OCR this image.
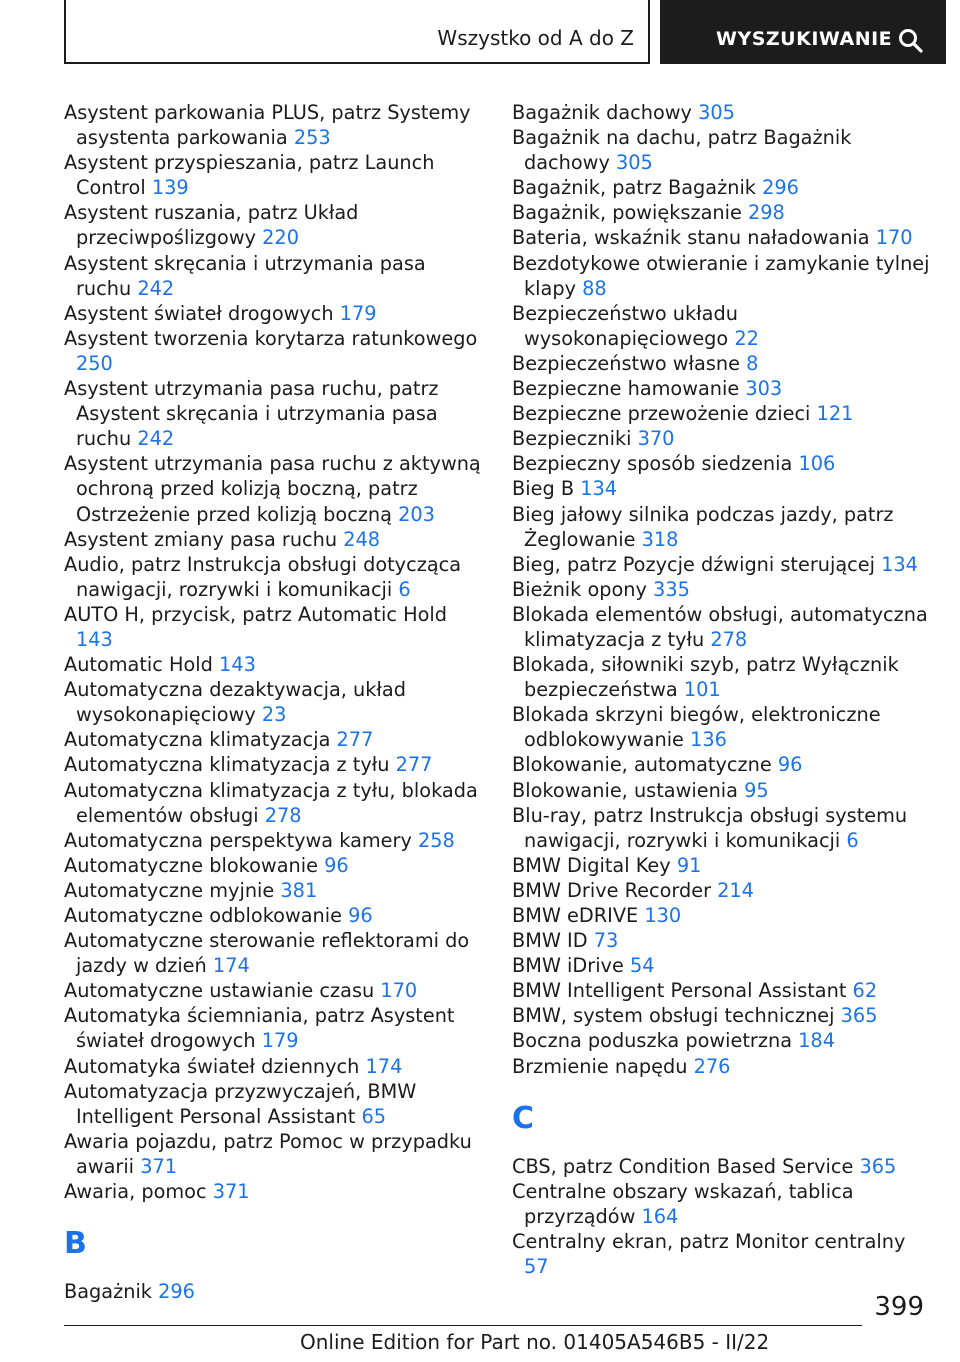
Wszystko od A do Z	WYSZUKIWANIE
Asystent parkowania PLUS, patrz Systemy asystenta parkowania 253
Asystent przyspieszania, patrz Launch Control 139
Asystent ruszania, patrz Układ przeciwpoślizgowy 220
Asystent skręcania i utrzymania pasa ruchu 242
Asystent świateł drogowych 179
Asystent tworzenia korytarza ratunkowego 250
Asystent utrzymania pasa ruchu, patrz Asystent skręcania i utrzymania pasa ruchu 242
Asystent utrzymania pasa ruchu z aktywną ochroną przed kolizją boczną, patrz Ostrzeżenie przed kolizją boczną 203
Asystent zmiany pasa ruchu 248
Audio, patrz Instrukcja obsługi dotycząca nawigacji, rozrywki i komunikacji 6
AUTO H, przycisk, patrz Automatic Hold 143
Automatic Hold 143
Automatyczna dezaktywacja, układ wysokonapięciowy 23
Automatyczna klimatyzacja 277
Automatyczna klimatyzacja z tyłu 277
Automatyczna klimatyzacja z tyłu, blokada elementów obsługi 278
Automatyczna perspektywa kamery 258
Automatyczne blokowanie 96
Automatyczne myjnie 381
Automatyczne odblokowanie 96
Automatyczne sterowanie reflektorami do jazdy w dzień 174
Automatyczne ustawianie czasu 170
Automatyka ściemniania, patrz Asystent świateł drogowych 179
Automatyka świateł dziennych 174
Automatyzacja przyzwyczajeń, BMW Intelligent Personal Assistant 65
Awaria pojazdu, patrz Pomoc w przypadku awarii 371
Awaria, pomoc 371
B
Bagażnik 296
Bagażnik dachowy 305
Bagażnik na dachu, patrz Bagażnik dachowy 305
Bagażnik, patrz Bagażnik 296
Bagażnik, powiększanie 298
Bateria, wskaźnik stanu naładowania 170
Bezdotykowe otwieranie i zamykanie tylnej klapy 88
Bezpieczeństwo układu wysokonapięciowego 22
Bezpieczeństwo własne 8
Bezpieczne hamowanie 303
Bezpieczne przewożenie dzieci 121
Bezpieczniki 370
Bezpieczny sposób siedzenia 106
Bieg B 134
Bieg jałowy silnika podczas jazdy, patrz Żeglowanie 318
Bieg, patrz Pozycje dźwigni sterującej 134
Bieżnik opony 335
Blokada elementów obsługi, automatyczna klimatyzacja z tyłu 278
Blokada, siłowniki szyb, patrz Wyłącznik bezpieczeństwa 101
Blokada skrzyni biegów, elektroniczne odblokowywanie 136
Blokowanie, automatyczne 96
Blokowanie, ustawienia 95
Blu-ray, patrz Instrukcja obsługi systemu nawigacji, rozrywki i komunikacji 6
BMW Digital Key 91
BMW Drive Recorder 214
BMW eDRIVE 130
BMW ID 73
BMW iDrive 54
BMW Intelligent Personal Assistant 62
BMW, system obsługi technicznej 365
Boczna poduszka powietrzna 184
Brzmienie napędu 276
C
CBS, patrz Condition Based Service 365
Centralne obszary wskazań, tablica przyrządów 164
Centralny ekran, patrz Monitor centralny 57
399
Online Edition for Part no. 01405A546B5 - II/22
